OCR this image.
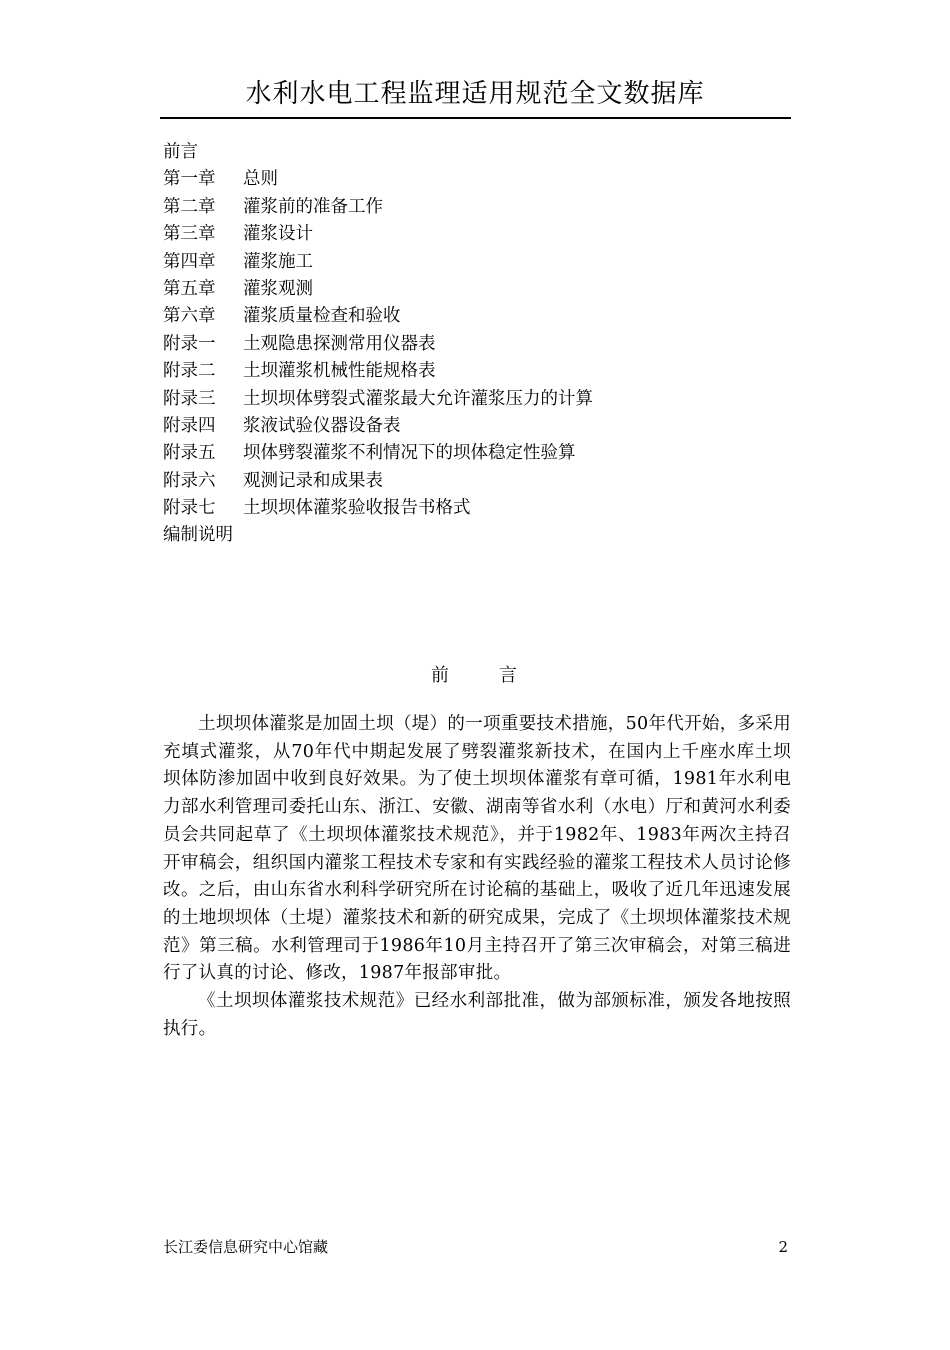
水利水电工程监理适用规范全文数据库
前言
第一章 总则
第二章 灌浆前的准备工作
第三章 灌浆设计
第四章 灌浆施工
第五章 灌浆观测
第六章 灌浆质量检查和验收
附录一 土观隐患探测常用仪器表
附录二 土坝灌浆机械性能规格表
附录三 土坝坝体劈裂式灌浆最大允许灌浆压力的计算
附录四 浆液试验仪器设备表
附录五 坝体劈裂灌浆不利情况下的坝体稳定性验算
附录六 观测记录和成果表
附录七 土坝坝体灌浆验收报告书格式
编制说明
前	言

土坝坝体灌浆是加固土坝（堤）的一项重要技术措施，50年代开始，多采用充填式灌浆，从70年代中期起发展了劈裂灌浆新技术，在国内上千座水库土坝坝体防渗加固中收到良好效果。为了使土坝坝体灌浆有章可循，1981年水利电力部水利管理司委托山东、浙江、安徽、湖南等省水利（水电）厅和黄河水利委员会共同起草了《土坝坝体灌浆技术规范》，并于1982年、1983年两次主持召开审稿会，组织国内灌浆工程技术专家和有实践经验的灌浆工程技术人员讨论修改。之后，由山东省水利科学研究所在讨论稿的基础上，吸收了近几年迅速发展的土地坝坝体（土堤）灌浆技术和新的研究成果，完成了《土坝坝体灌浆技术规范》第三稿。水利管理司于1986年10月主持召开了第三次审稿会，对第三稿进行了认真的讨论、修改，1987年报部审批。

《土坝坝体灌浆技术规范》已经水利部批准，做为部颁标准，颁发各地按照执行。

长江委信息研究中心馆藏	2
